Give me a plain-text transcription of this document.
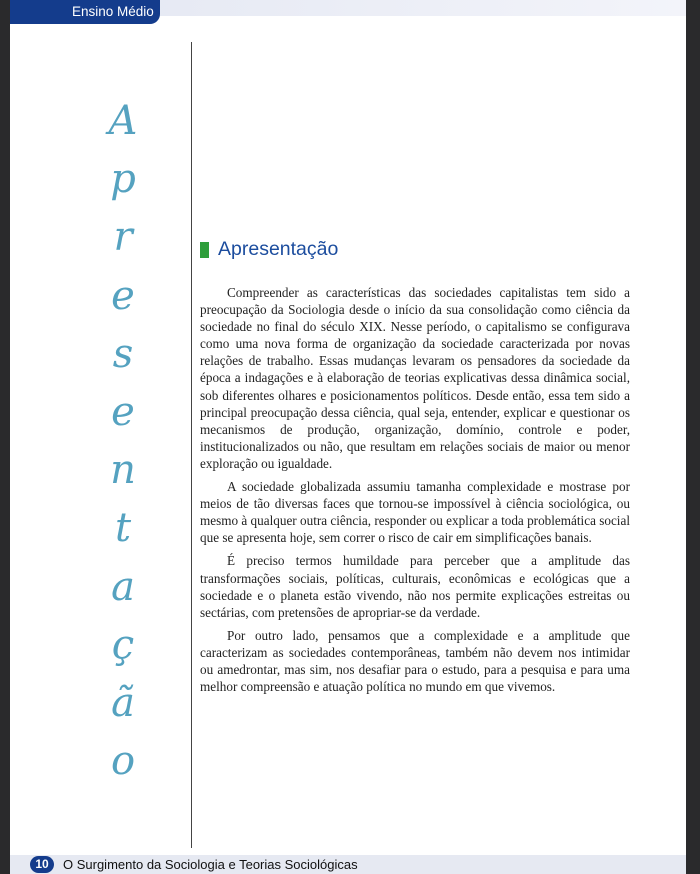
Ensino Médio
A
p
r
e
s
e
n
t
a
ç
ã
o
Apresentação

Compreender as características das sociedades capitalistas tem sido a preocupação da Sociologia desde o início da sua consolidação como ciência da sociedade no final do século XIX. Nesse período, o capitalismo se configurava como uma nova forma de organização da sociedade caracterizada por novas relações de trabalho. Essas mudanças levaram os pensadores da sociedade da época a indagações e à elaboração de teorias explicativas dessa dinâmica social, sob diferentes olhares e posicionamentos políticos. Desde então, essa tem sido a principal preocupação dessa ciência, qual seja, entender, explicar e questionar os mecanismos de produção, organização, domínio, controle e poder, institucionalizados ou não, que resultam em relações sociais de maior ou menor exploração ou igualdade.

A sociedade globalizada assumiu tamanha complexidade e mostrase por meios de tão diversas faces que tornou-se impossível à ciência sociológica, ou mesmo à qualquer outra ciência, responder ou explicar a toda problemática social que se apresenta hoje, sem correr o risco de cair em simplificações banais.

É preciso termos humildade para perceber que a amplitude das transformações sociais, políticas, culturais, econômicas e ecológicas que a sociedade e o planeta estão vivendo, não nos permite explicações estreitas ou sectárias, com pretensões de apropriar-se da verdade.

Por outro lado, pensamos que a complexidade e a amplitude que caracterizam as sociedades contemporâneas, também não devem nos intimidar ou amedrontar, mas sim, nos desafiar para o estudo, para a pesquisa e para uma melhor compreensão e atuação política no mundo em que vivemos.

10	O Surgimento da Sociologia e Teorias Sociológicas
